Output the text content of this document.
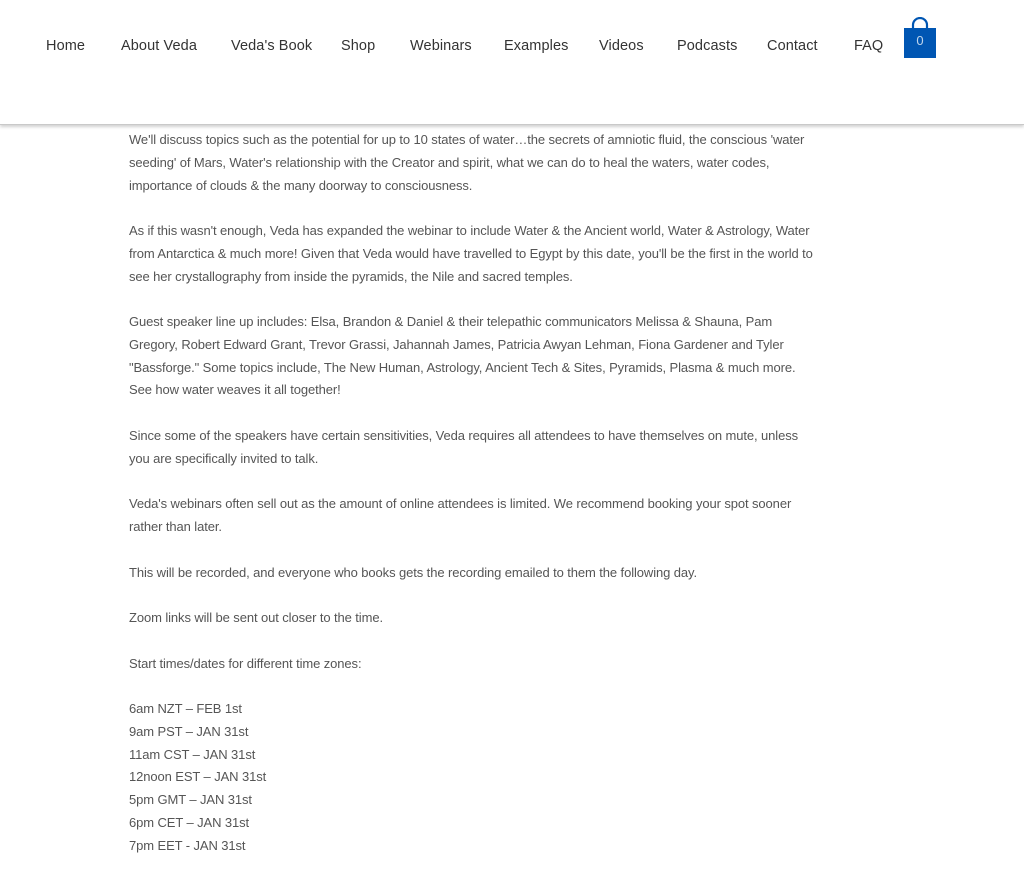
Home About Veda Veda's Book Shop Webinars Examples Videos Podcasts Contact	FAQ	0

We'll discuss topics such as the potential for up to 10 states of water…the secrets of amniotic fluid, the conscious 'water seeding' of Mars, Water's relationship with the Creator and spirit, what we can do to heal the waters, water codes, importance of clouds & the many doorway to consciousness.

As if this wasn't enough, Veda has expanded the webinar to include Water & the Ancient world, Water & Astrology, Water from Antarctica & much more! Given that Veda would have travelled to Egypt by this date, you'll be the first in the world to see her crystallography from inside the pyramids, the Nile and sacred temples.

Guest speaker line up includes: Elsa, Brandon & Daniel & their telepathic communicators Melissa & Shauna, Pam Gregory, Robert Edward Grant, Trevor Grassi, Jahannah James, Patricia Awyan Lehman, Fiona Gardener and Tyler "Bassforge." Some topics include, The New Human, Astrology, Ancient Tech & Sites, Pyramids, Plasma & much more. See how water weaves it all together!

Since some of the speakers have certain sensitivities, Veda requires all attendees to have themselves on mute, unless you are specifically invited to talk.

Veda's webinars often sell out as the amount of online attendees is limited. We recommend booking your spot sooner rather than later.

This will be recorded, and everyone who books gets the recording emailed to them the following day.

Zoom links will be sent out closer to the time.

Start times/dates for different time zones:

6am NZT – FEB 1st
9am PST – JAN 31st
11am CST – JAN 31st
12noon EST – JAN 31st
5pm GMT – JAN 31st
6pm CET – JAN 31st
7pm EET - JAN 31st
